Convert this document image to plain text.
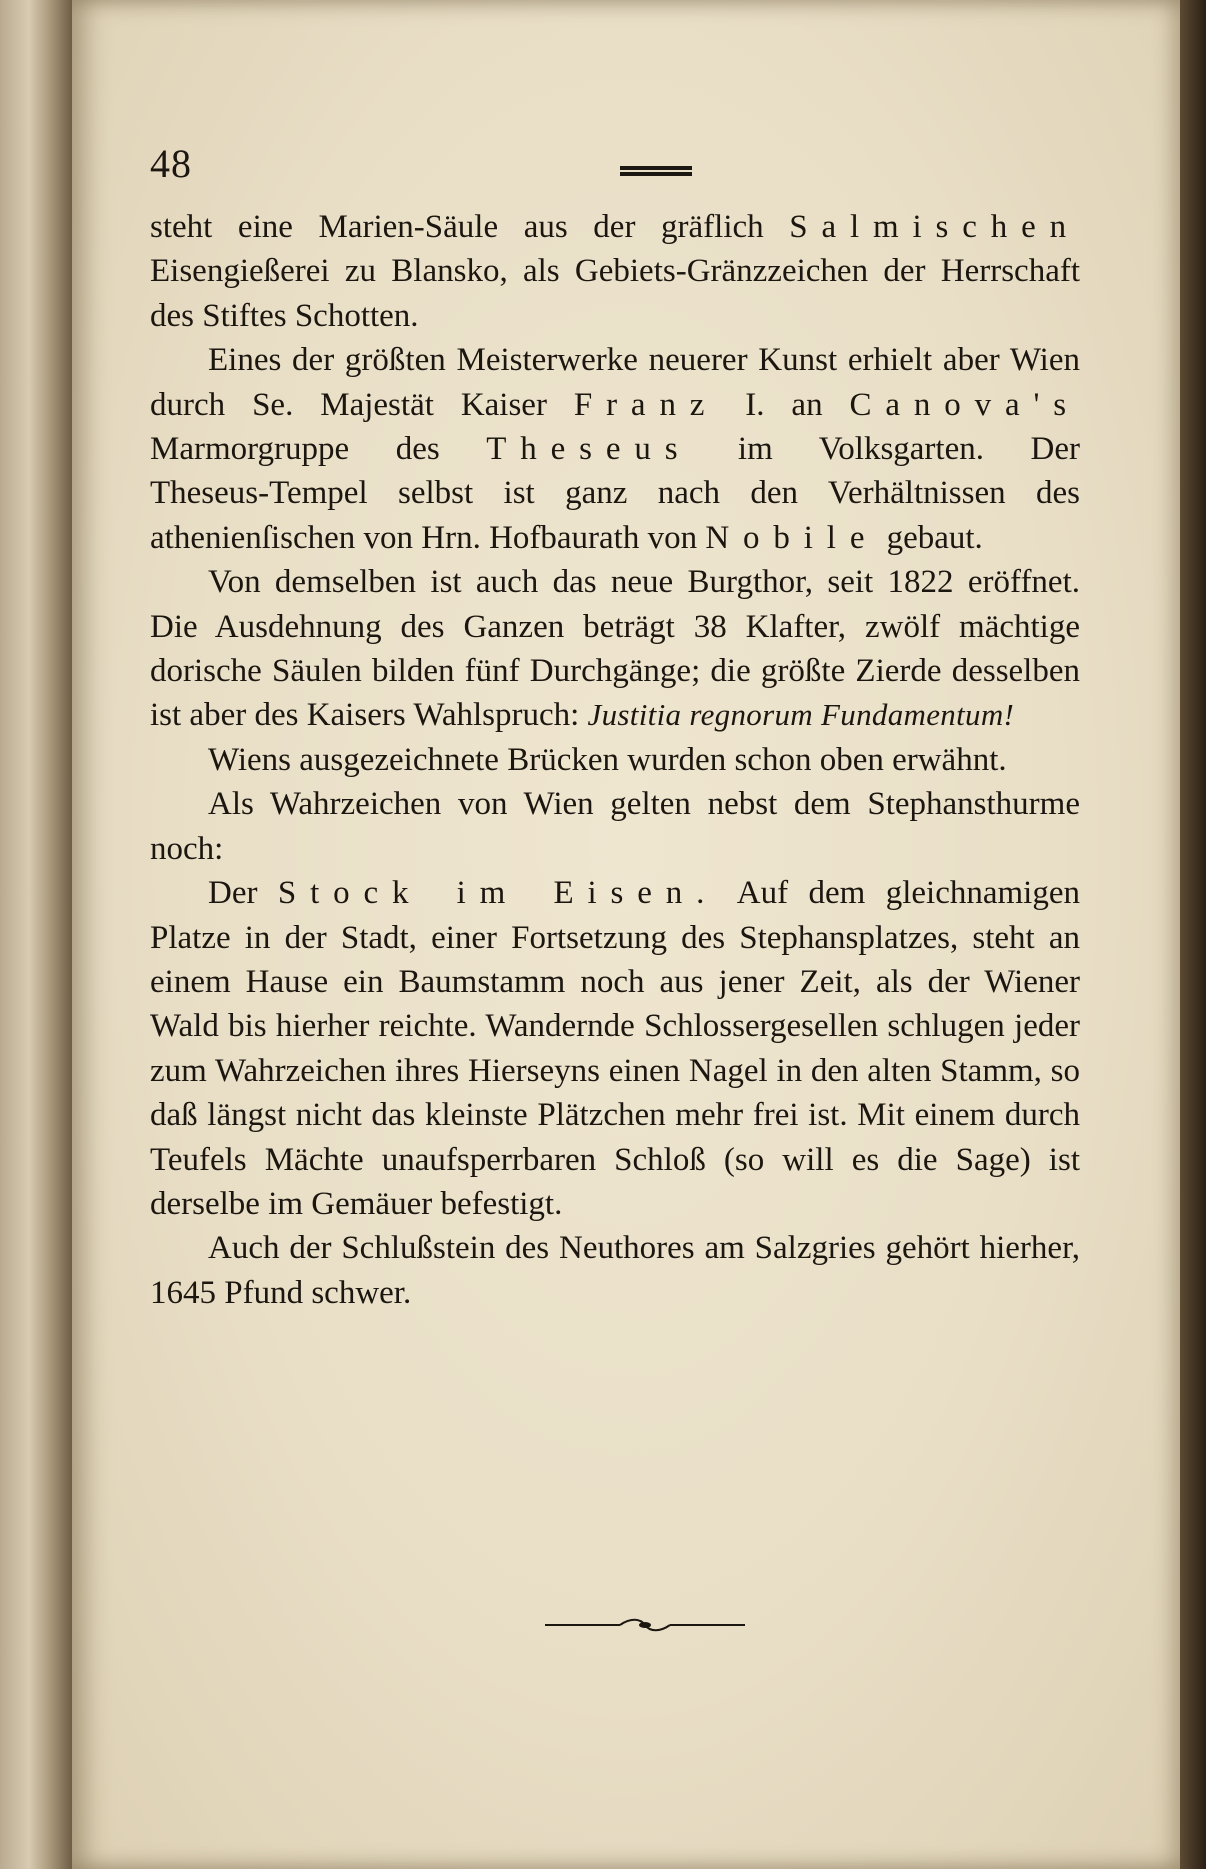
48

steht eine Marien‑Säule aus der gräflich Salmischen Eisengießerei zu Blansko, als Gebiets‑Gränzzeichen der Herrschaft des Stiftes Schotten.

Eines der größten Meisterwerke neuerer Kunst erhielt aber Wien durch Se. Majestät Kaiser Franz I. an Canova's Marmorgruppe des Theseus im Volksgarten. Der Theseus‑Tempel selbst ist ganz nach den Verhältnissen des athenienſischen von Hrn. Hofbaurath von Nobile gebaut.

Von demselben ist auch das neue Burgthor, seit 1822 eröffnet. Die Ausdehnung des Ganzen beträgt 38 Klafter, zwölf mächtige dorische Säulen bilden fünf Durchgänge; die größte Zierde desselben ist aber des Kaisers Wahlspruch: Justitia regnorum Fundamentum!

Wiens ausgezeichnete Brücken wurden schon oben erwähnt.

Als Wahrzeichen von Wien gelten nebst dem Stephansthurme noch:

Der Stock im Eisen. Auf dem gleichnamigen Platze in der Stadt, einer Fortsetzung des Stephansplatzes, steht an einem Hause ein Baumstamm noch aus jener Zeit, als der Wiener Wald bis hierher reichte. Wandernde Schlossergesellen schlugen jeder zum Wahrzeichen ihres Hierseyns einen Nagel in den alten Stamm, so daß längst nicht das kleinste Plätzchen mehr frei ist. Mit einem durch Teufels Mächte unaufsperrbaren Schloß (so will es die Sage) ist derselbe im Gemäuer befestigt.

Auch der Schlußstein des Neuthores am Salzgries gehört hierher, 1645 Pfund schwer.
